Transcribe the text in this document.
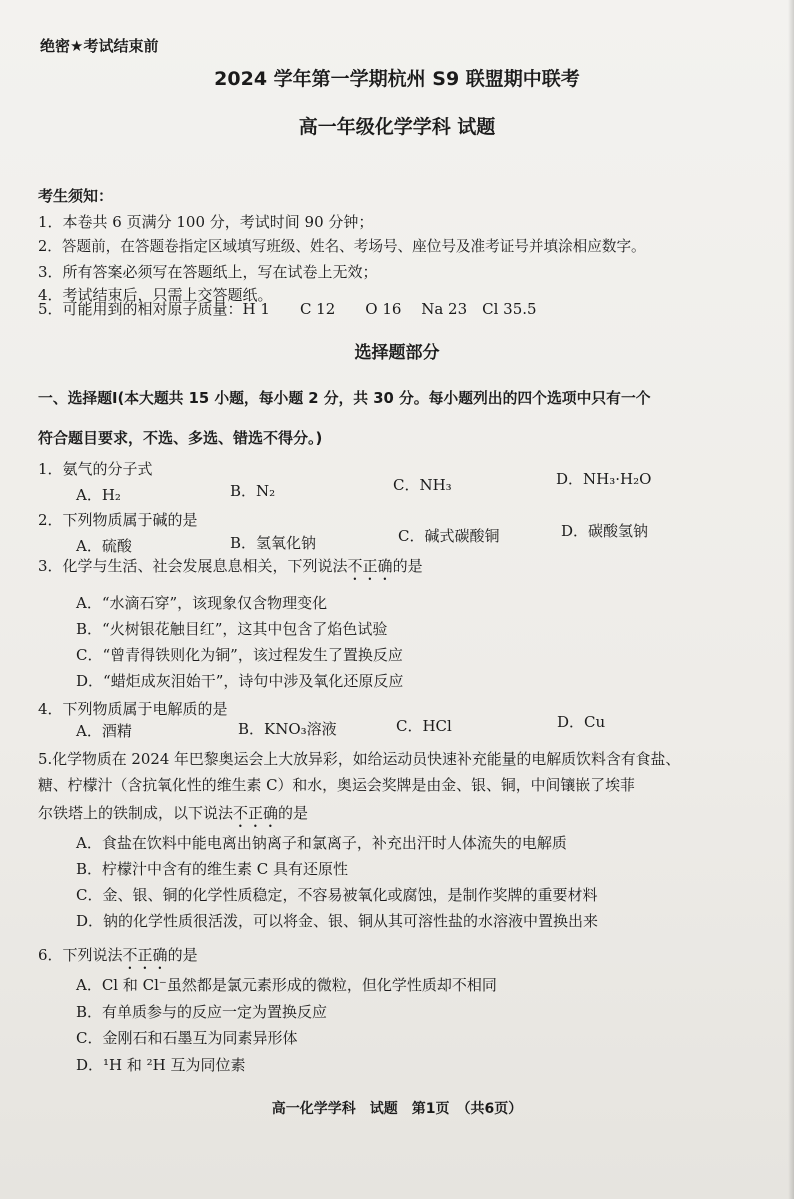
绝密★考试结束前
2024 学年第一学期杭州 S9 联盟期中联考
高一年级化学学科 试题
考生须知：
1．本卷共 6 页满分 100 分，考试时间 90 分钟；
2．答题前，在答题卷指定区域填写班级、姓名、考场号、座位号及准考证号并填涂相应数字。
3．所有答案必须写在答题纸上，写在试卷上无效；
4．考试结束后，只需上交答题纸。
5．可能用到的相对原子质量：H 1　　C 12　　O 16　 Na 23　Cl 35.5
选择题部分
一、选择题I(本大题共 15 小题，每小题 2 分，共 30 分。每小题列出的四个选项中只有一个
符合题目要求，不选、多选、错选不得分。)
1．氨气的分子式
A．H₂	B．N₂	C．NH₃	D．NH₃·H₂O
2．下列物质属于碱的是
A．硫酸	B．氢氧化钠	C．碱式碳酸铜	D．碳酸氢钠
3．化学与生活、社会发展息息相关，下列说法不正确的是
A．“水滴石穿”，该现象仅含物理变化
B．“火树银花触目红”，这其中包含了焰色试验
C．“曾青得铁则化为铜”，该过程发生了置换反应
D．“蜡炬成灰泪始干”，诗句中涉及氧化还原反应
4．下列物质属于电解质的是
A．酒精	B．KNO₃溶液	C．HCl	D．Cu
5.化学物质在 2024 年巴黎奥运会上大放异彩，如给运动员快速补充能量的电解质饮料含有食盐、
糖、柠檬汁（含抗氧化性的维生素 C）和水，奥运会奖牌是由金、银、铜，中间镶嵌了埃菲
尔铁塔上的铁制成，以下说法不正确的是
A．食盐在饮料中能电离出钠离子和氯离子，补充出汗时人体流失的电解质
B．柠檬汁中含有的维生素 C 具有还原性
C．金、银、铜的化学性质稳定，不容易被氧化或腐蚀，是制作奖牌的重要材料
D．钠的化学性质很活泼，可以将金、银、铜从其可溶性盐的水溶液中置换出来
6．下列说法不正确的是
A．Cl 和 Cl⁻虽然都是氯元素形成的微粒，但化学性质却不相同
B．有单质参与的反应一定为置换反应
C．金刚石和石墨互为同素异形体
D．¹H 和 ²H 互为同位素
高一化学学科　试题　第1页　（共6页）
